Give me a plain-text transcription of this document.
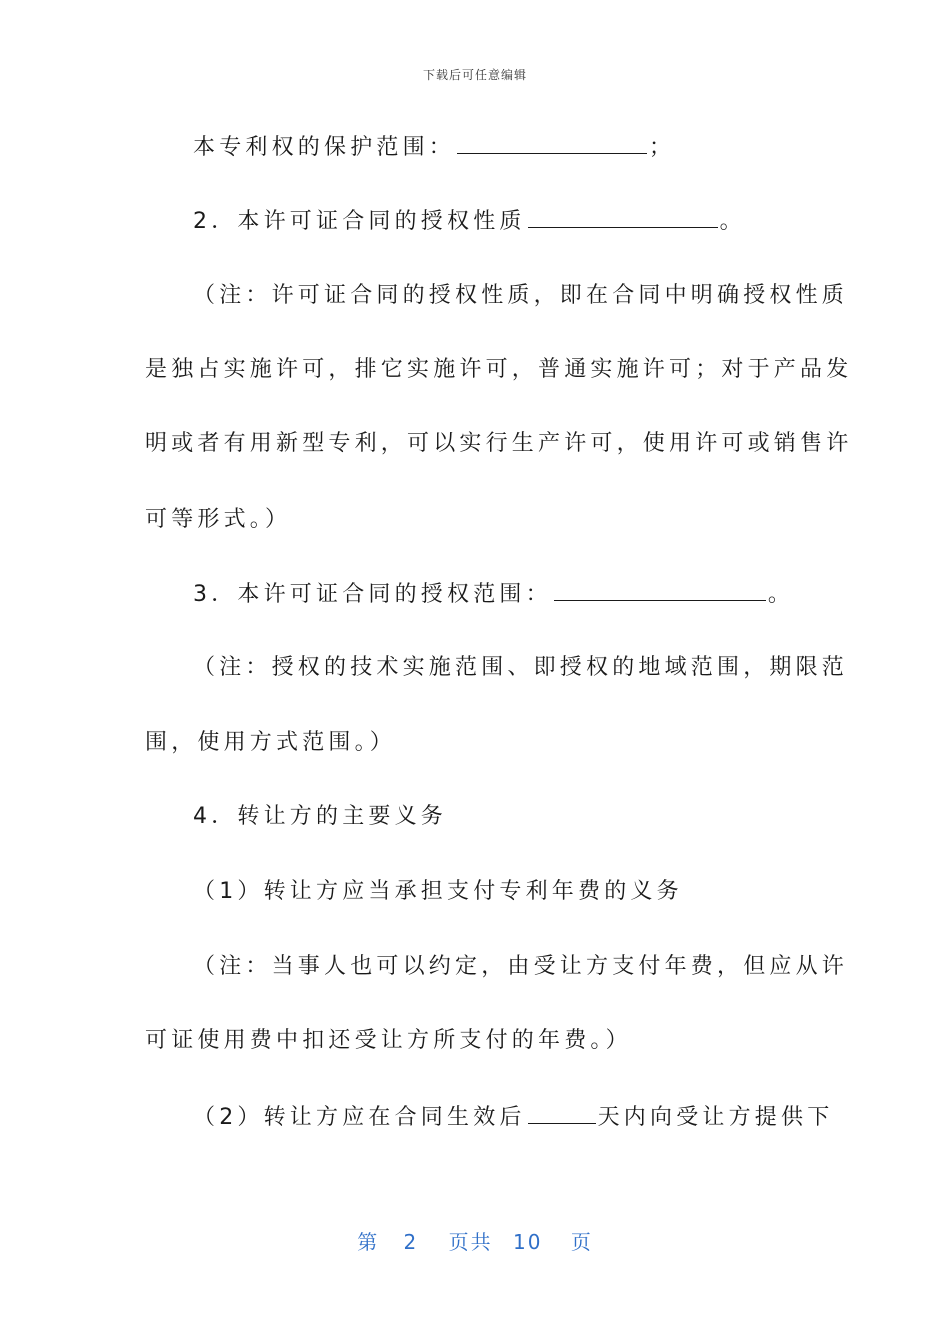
下载后可任意编辑
本专利权的保护范围：	；
2．本许可证合同的授权性质	。
（注：许可证合同的授权性质，即在合同中明确授权性质
是独占实施许可，排它实施许可，普通实施许可；对于产品发
明或者有用新型专利，可以实行生产许可，使用许可或销售许
可等形式。）
3．本许可证合同的授权范围：	。
（注：授权的技术实施范围、即授权的地域范围，期限范
围，使用方式范围。）
4．转让方的主要义务
（1）转让方应当承担支付专利年费的义务
（注：当事人也可以约定，由受让方支付年费，但应从许
可证使用费中扣还受让方所支付的年费。）
（2）转让方应在合同生效后	天内向受让方提供下
第 2 页共 10 页
